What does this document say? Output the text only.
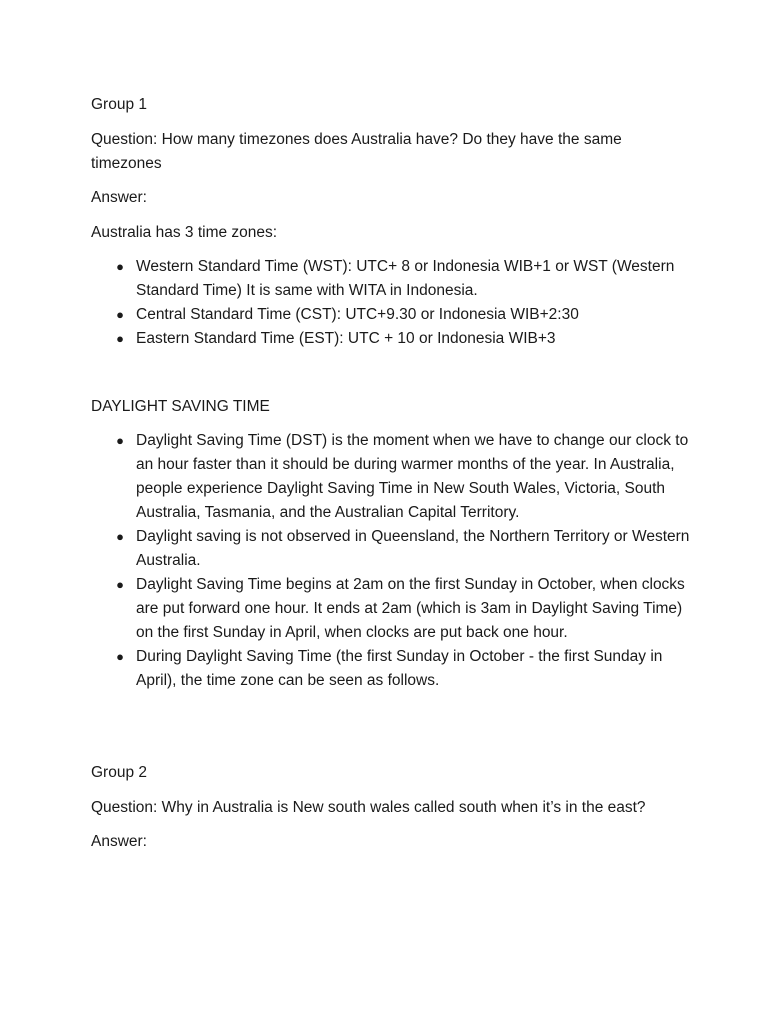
Group 1

Question: How many timezones does Australia have? Do they have the same timezones

Answer:

Australia has 3 time zones:

● Western Standard Time (WST): UTC+ 8 or Indonesia WIB+1 or WST (Western Standard Time) It is same with WITA in Indonesia.
● Central Standard Time (CST): UTC+9.30 or Indonesia WIB+2:30
● Eastern Standard Time (EST): UTC + 10 or Indonesia WIB+3

DAYLIGHT SAVING TIME

● Daylight Saving Time (DST) is the moment when we have to change our clock to an hour faster than it should be during warmer months of the year. In Australia, people experience Daylight Saving Time in New South Wales, Victoria, South Australia, Tasmania, and the Australian Capital Territory.
● Daylight saving is not observed in Queensland, the Northern Territory or Western Australia.
● Daylight Saving Time begins at 2am on the first Sunday in October, when clocks are put forward one hour. It ends at 2am (which is 3am in Daylight Saving Time) on the first Sunday in April, when clocks are put back one hour.
● During Daylight Saving Time (the first Sunday in October - the first Sunday in April), the time zone can be seen as follows.

Group 2

Question: Why in Australia is New south wales called south when it’s in the east?

Answer:
